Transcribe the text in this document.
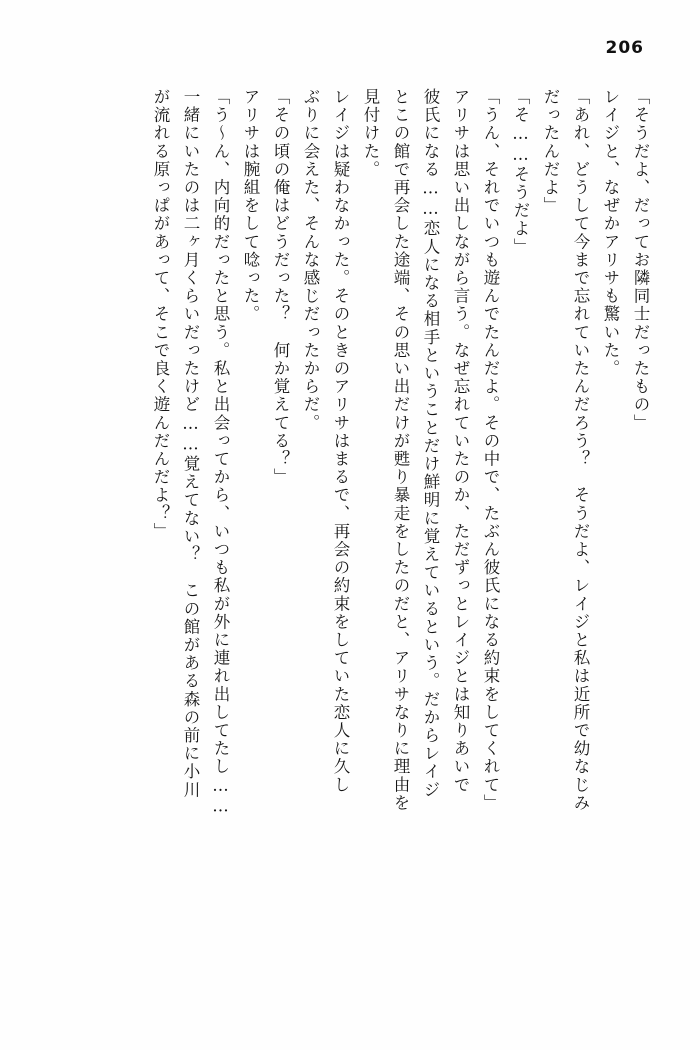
206
「そうだよ、だってお隣同士だったもの」
レイジと、なぜかアリサも驚いた。
「あれ、どうして今まで忘れていたんだろう？　そうだよ、レイジと私は近所で幼なじみ
だったんだよ」
「そ……そうだよ」
「うん、それでいつも遊んでたんだよ。その中で、たぶん彼氏になる約束をしてくれて」
アリサは思い出しながら言う。なぜ忘れていたのか、ただずっとレイジとは知りあいで
彼氏になる……恋人になる相手ということだけ鮮明に覚えているという。だからレイジ
とこの館で再会した途端、その思い出だけが甦り暴走をしたのだと、アリサなりに理由を
見付けた。
レイジは疑わなかった。そのときのアリサはまるで、再会の約束をしていた恋人に久し
ぶりに会えた、そんな感じだったからだ。
「その頃の俺はどうだった？　何か覚えてる？」
アリサは腕組をして唸った。
「う～ん、内向的だったと思う。私と出会ってから、いつも私が外に連れ出してたし……
一緒にいたのは二ヶ月くらいだったけど……覚えてない？　この館がある森の前に小川
が流れる原っぱがあって、そこで良く遊んだんだよ？」
